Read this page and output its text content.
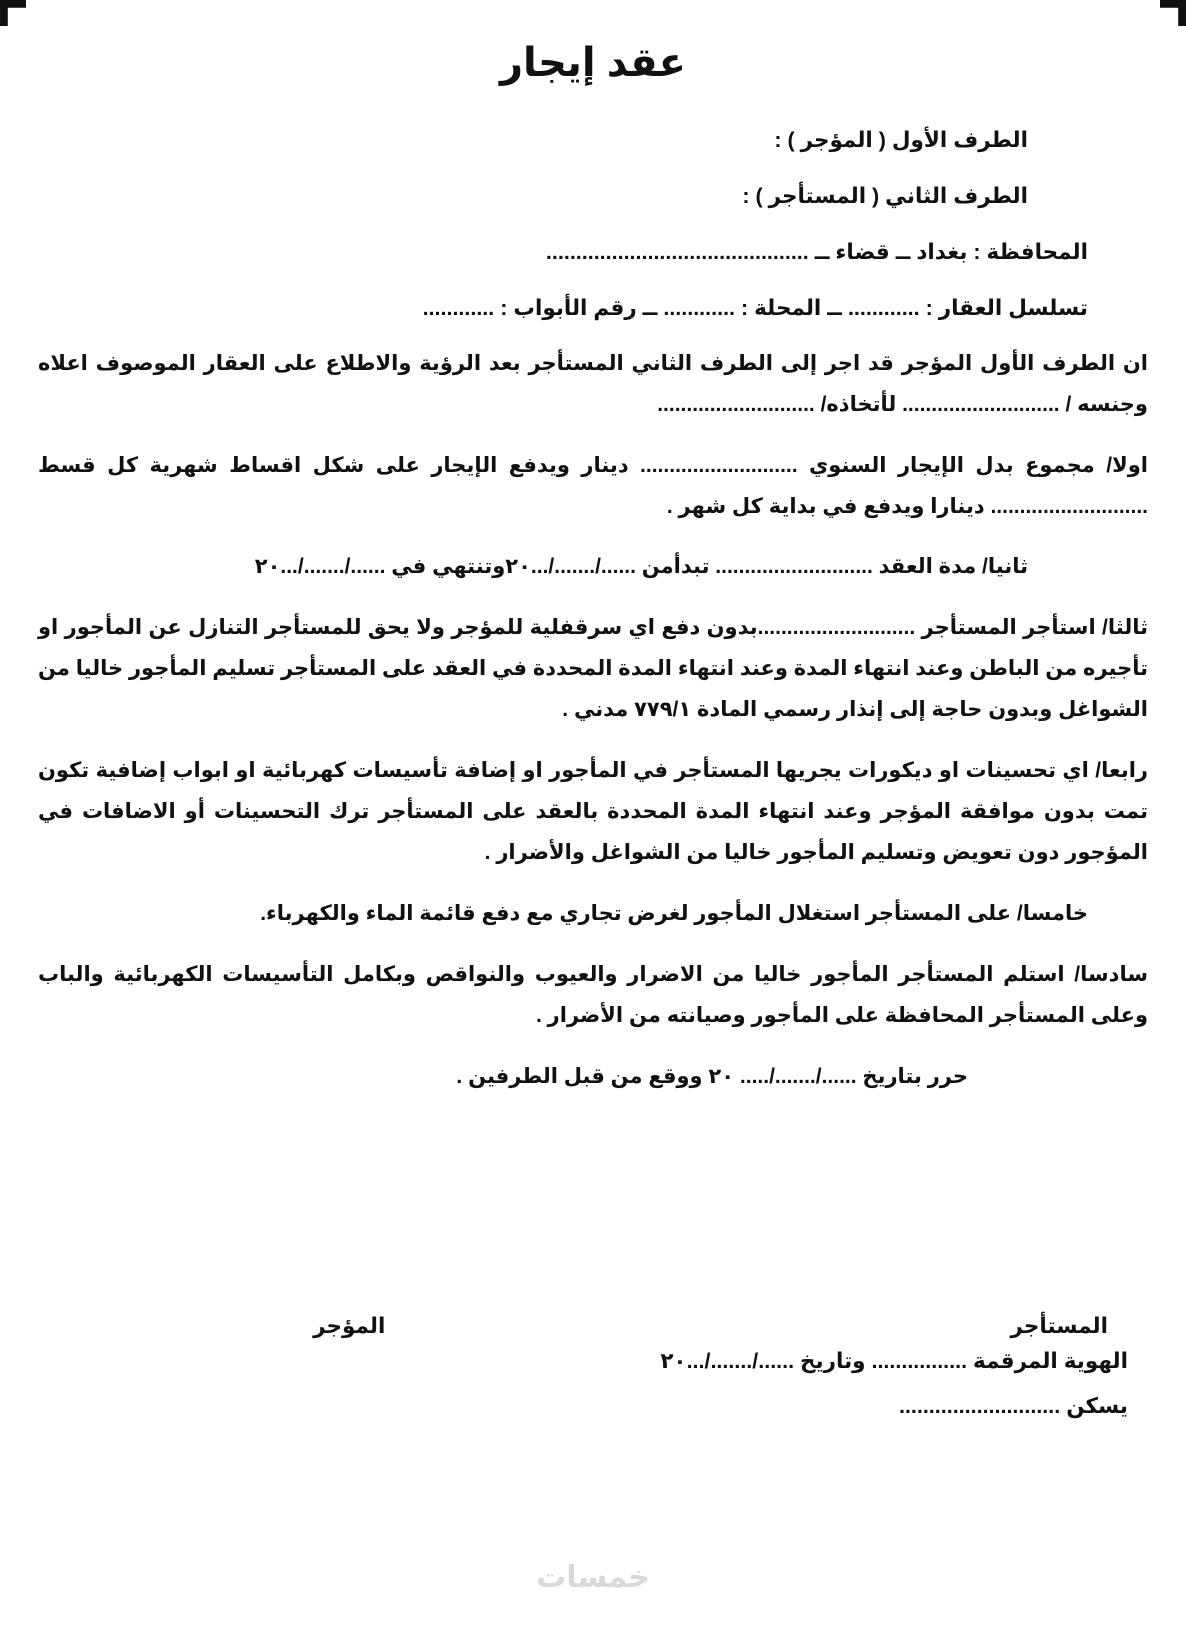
عقد إيجار
الطرف الأول ( المؤجر ) :
الطرف الثاني ( المستأجر ) :
المحافظة : بغداد ــ قضاء ــ ............................................
تسلسل العقار : ............ ــ المحلة : ............ ــ رقم الأبواب : ............
ان الطرف الأول المؤجر قد اجر إلى الطرف الثاني المستأجر بعد الرؤية والاطلاع على العقار الموصوف اعلاه وجنسه / ........................... لأتخاذه/ ...........................
اولا/ مجموع بدل الإيجار السنوي ........................... دينار ويدفع الإيجار على شكل اقساط شهرية كل قسط ........................... دينارا ويدفع في بداية كل شهر .
ثانيا/ مدة العقد ........................... تبدأمن ....../......./...٢٠وتنتهي في ....../......./...٢٠
ثالثا/ استأجر المستأجر ...........................بدون دفع اي سرقفلية للمؤجر ولا يحق للمستأجر التنازل عن المأجور او تأجيره من الباطن وعند انتهاء المدة وعند انتهاء المدة المحددة في العقد على المستأجر تسليم المأجور خاليا من الشواغل وبدون حاجة إلى إنذار رسمي المادة ٧٧٩/١ مدني .
رابعا/ اي تحسينات او ديكورات يجريها المستأجر في المأجور او إضافة تأسيسات كهربائية او ابواب إضافية تكون تمت بدون موافقة المؤجر وعند انتهاء المدة المحددة بالعقد على المستأجر ترك التحسينات أو الاضافات في المؤجور دون تعويض وتسليم المأجور خاليا من الشواغل والأضرار .
خامسا/ على المستأجر استغلال المأجور لغرض تجاري مع دفع قائمة الماء والكهرباء.
سادسا/ استلم المستأجر المأجور خاليا من الاضرار والعيوب والنواقص وبكامل التأسيسات الكهربائية والباب وعلى المستأجر المحافظة على المأجور وصيانته من الأضرار .
حرر بتاريخ ....../......./..... ٢٠ ووقع من قبل الطرفين .
المستأجر
المؤجر
الهوية المرقمة ................ وتاريخ ....../......./...٢٠
يسكن ...........................
خمسات
